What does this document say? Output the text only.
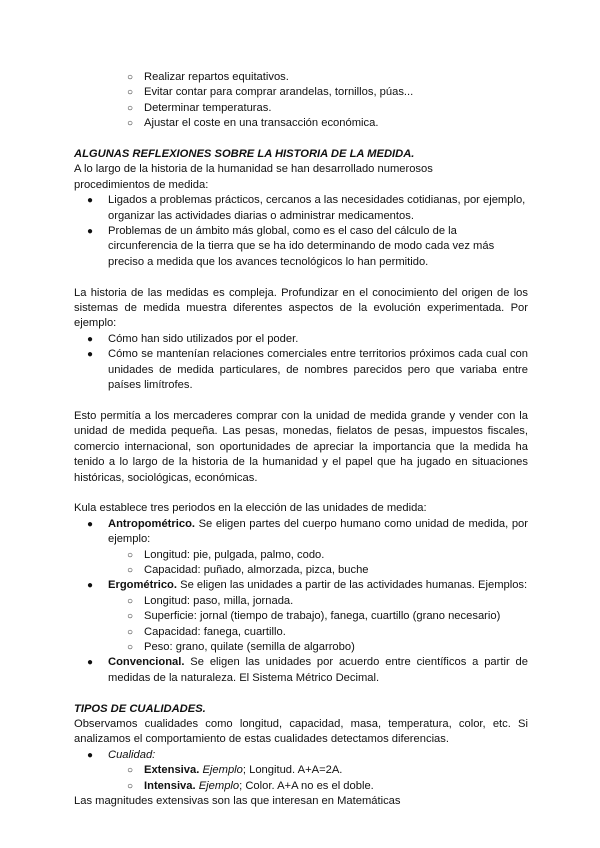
○ Realizar repartos equitativos.
○ Evitar contar para comprar arandelas, tornillos, púas...
○ Determinar temperaturas.
○ Ajustar el coste en una transacción económica.

ALGUNAS REFLEXIONES SOBRE LA HISTORIA DE LA MEDIDA.

A lo largo de la historia de la humanidad se han desarrollado numerosos

procedimientos de medida:

● Ligados a problemas prácticos, cercanos a las necesidades cotidianas, por ejemplo, organizar las actividades diarias o administrar medicamentos.
● Problemas de un ámbito más global, como es el caso del cálculo de la circunferencia de la tierra que se ha ido determinando de modo cada vez más preciso a medida que los avances tecnológicos lo han permitido.

La historia de las medidas es compleja. Profundizar en el conocimiento del origen de los sistemas de medida muestra diferentes aspectos de la evolución experimentada. Por ejemplo:

● Cómo han sido utilizados por el poder.
● Cómo se mantenían relaciones comerciales entre territorios próximos cada cual con unidades de medida particulares, de nombres parecidos pero que variaba entre países limítrofes.

Esto permitía a los mercaderes comprar con la unidad de medida grande y vender con la unidad de medida pequeña. Las pesas, monedas, fielatos de pesas, impuestos fiscales, comercio internacional, son oportunidades de apreciar la importancia que la medida ha tenido a lo largo de la historia de la humanidad y el papel que ha jugado en situaciones históricas, sociológicas, económicas.

Kula establece tres periodos en la elección de las unidades de medida:

● Antropométrico. Se eligen partes del cuerpo humano como unidad de medida, por ejemplo:
○ Longitud: pie, pulgada, palmo, codo.
○ Capacidad: puñado, almorzada, pizca, buche
● Ergométrico. Se eligen las unidades a partir de las actividades humanas. Ejemplos:
○ Longitud: paso, milla, jornada.
○ Superficie: jornal (tiempo de trabajo), fanega, cuartillo (grano necesario)
○ Capacidad: fanega, cuartillo.
○ Peso: grano, quilate (semilla de algarrobo)
● Convencional. Se eligen las unidades por acuerdo entre científicos a partir de medidas de la naturaleza. El Sistema Métrico Decimal.

TIPOS DE CUALIDADES.

Observamos cualidades como longitud, capacidad, masa, temperatura, color, etc. Si analizamos el comportamiento de estas cualidades detectamos diferencias.

● Cualidad:
○ Extensiva. Ejemplo; Longitud. A+A=2A.
○ Intensiva. Ejemplo; Color. A+A no es el doble.

Las magnitudes extensivas son las que interesan en Matemáticas
